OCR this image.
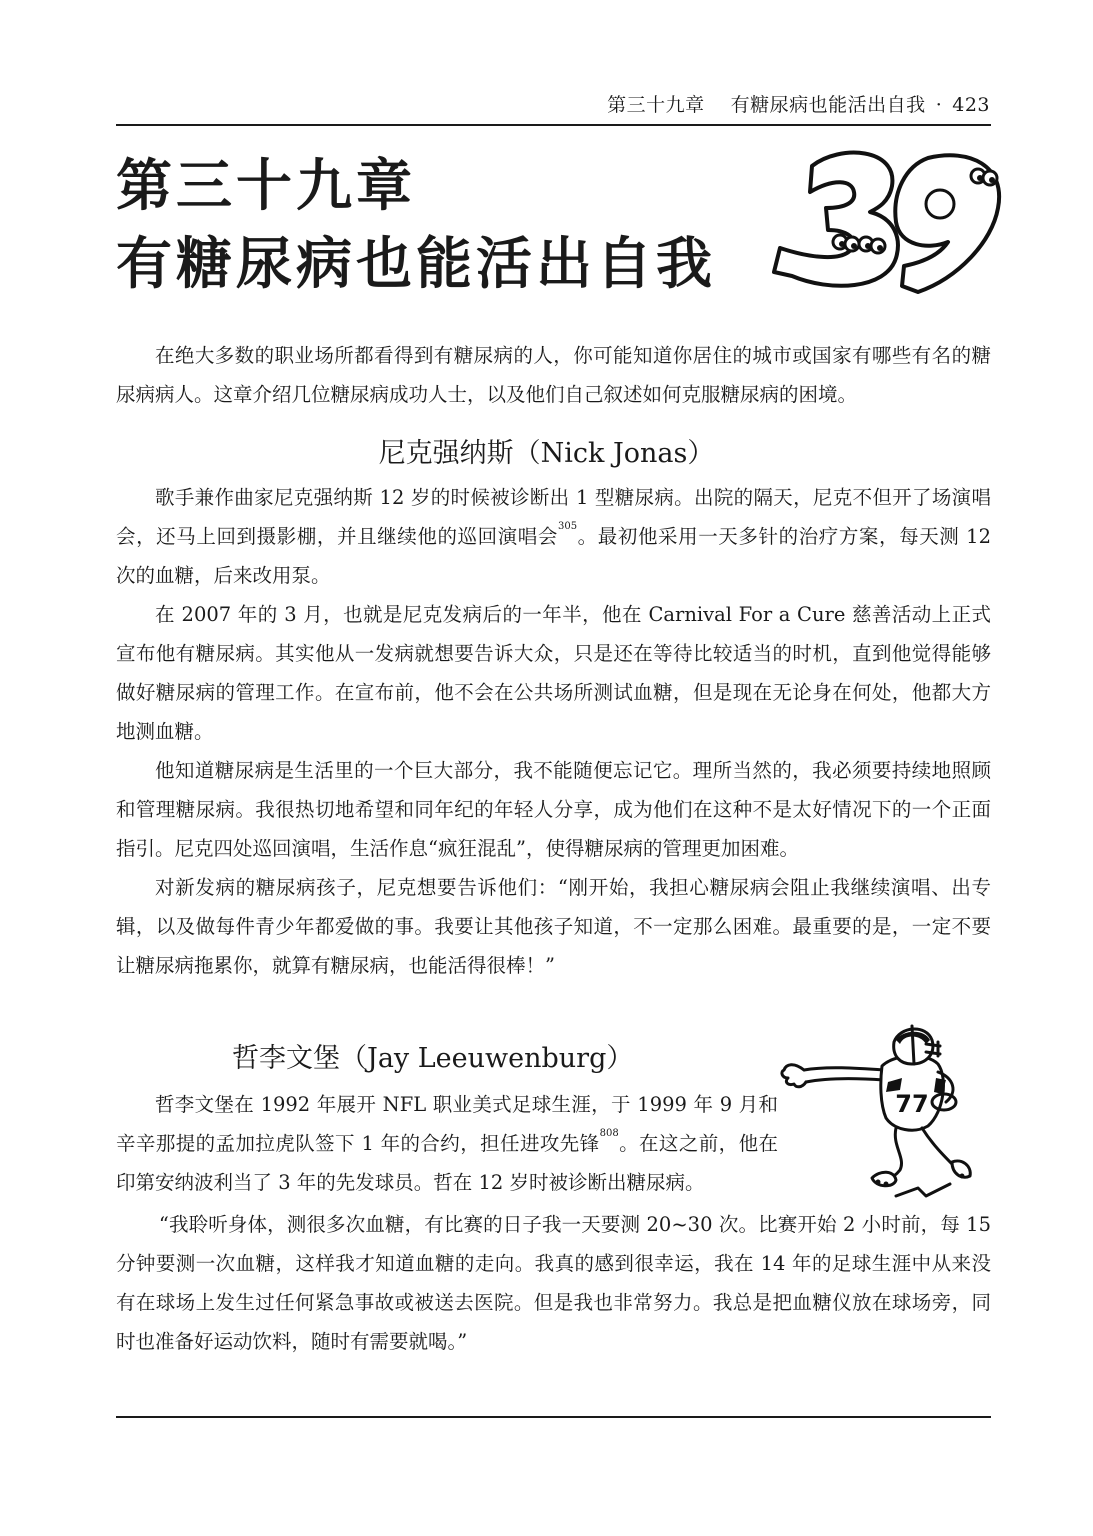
第三十九章 有糖尿病也能活出自我 · 423
第三十九章
有糖尿病也能活出自我

在绝大多数的职业场所都看得到有糖尿病的人，你可能知道你居住的城市或国家有哪些有名的糖尿病病人。这章介绍几位糖尿病成功人士，以及他们自己叙述如何克服糖尿病的困境。

尼克强纳斯（Nick Jonas）

歌手兼作曲家尼克强纳斯 12 岁的时候被诊断出 1 型糖尿病。出院的隔天，尼克不但开了场演唱会，还马上回到摄影棚，并且继续他的巡回演唱会$^{305}$。最初他采用一天多针的治疗方案，每天测 12 次的血糖，后来改用泵。

在 2007 年的 3 月，也就是尼克发病后的一年半，他在 Carnival For a Cure 慈善活动上正式宣布他有糖尿病。其实他从一发病就想要告诉大众，只是还在等待比较适当的时机，直到他觉得能够做好糖尿病的管理工作。在宣布前，他不会在公共场所测试血糖，但是现在无论身在何处，他都大方地测血糖。

他知道糖尿病是生活里的一个巨大部分，我不能随便忘记它。理所当然的，我必须要持续地照顾和管理糖尿病。我很热切地希望和同年纪的年轻人分享，成为他们在这种不是太好情况下的一个正面指引。尼克四处巡回演唱，生活作息“疯狂混乱”，使得糖尿病的管理更加困难。

对新发病的糖尿病孩子，尼克想要告诉他们：“刚开始，我担心糖尿病会阻止我继续演唱、出专辑，以及做每件青少年都爱做的事。我要让其他孩子知道，不一定那么困难。最重要的是，一定不要让糖尿病拖累你，就算有糖尿病，也能活得很棒！”

哲李文堡（Jay Leeuwenburg）

哲李文堡在 1992 年展开 NFL 职业美式足球生涯，于 1999 年 9 月和辛辛那提的孟加拉虎队签下 1 年的合约，担任进攻先锋$^{808}$。在这之前，他在印第安纳波利当了 3 年的先发球员。哲在 12 岁时被诊断出糖尿病。

“我聆听身体，测很多次血糖，有比赛的日子我一天要测 20~30 次。比赛开始 2 小时前，每 15 分钟要测一次血糖，这样我才知道血糖的走向。我真的感到很幸运，我在 14 年的足球生涯中从来没有在球场上发生过任何紧急事故或被送去医院。但是我也非常努力。我总是把血糖仪放在球场旁，同时也准备好运动饮料，随时有需要就喝。”

77
